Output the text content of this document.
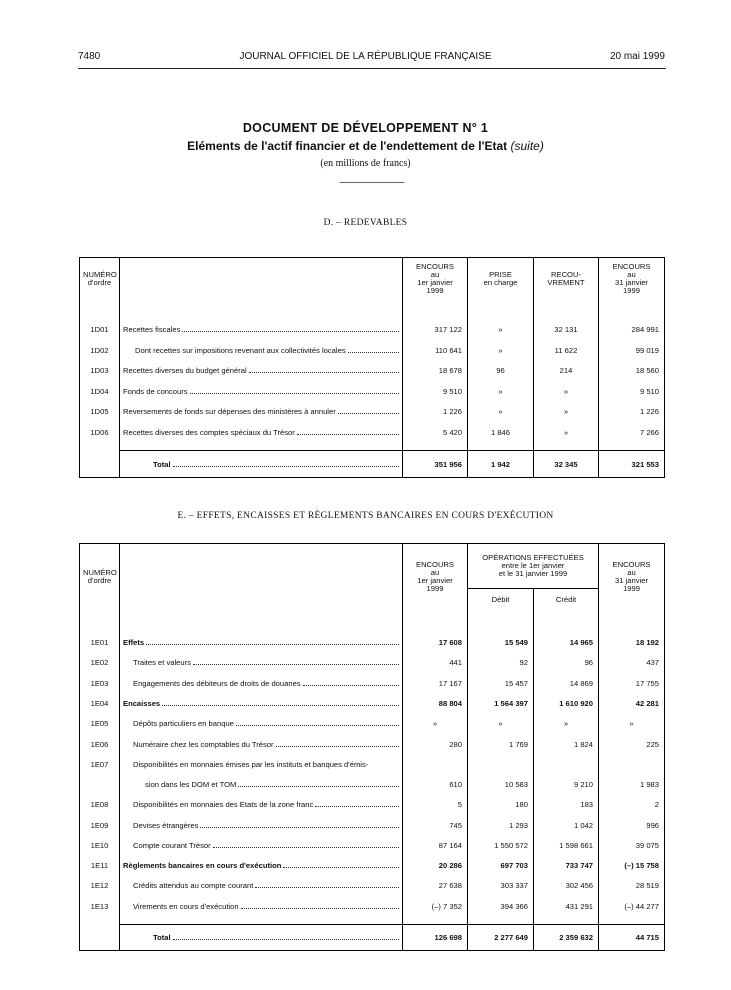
7480	JOURNAL OFFICIEL DE LA RÉPUBLIQUE FRANÇAISE	20 mai 1999
DOCUMENT DE DÉVELOPPEMENT N° 1
Eléments de l'actif financier et de l'endettement de l'Etat (suite)
(en millions de francs)
D. – REDEVABLES
NUMÉRO
d'ordre		ENCOURS
au
1er janvier
1999	PRISE
en charge	RECOU-
VREMENT	ENCOURS
au
31 janvier
1999

1D01	Recettes fiscales	317 122	»	32 131	284 991
1D02	Dont recettes sur impositions revenant aux collectivités locales	110 641	»	11 622	99 019
1D03	Recettes diverses du budget général	18 678	96	214	18 560
1D04	Fonds de concours	9 510	»	»	9 510
1D05	Reversements de fonds sur dépenses des ministères à annuler	1 226	»	»	1 226
1D06	Recettes diverses des comptes spéciaux du Trésor	5 420	1 846	»	7 266

	Total	351 956	1 942	32 345	321 553
E. – EFFETS, ENCAISSES ET RÈGLEMENTS BANCAIRES EN COURS D'EXÉCUTION
NUMÉRO
d'ordre		ENCOURS
au
1er janvier
1999	OPÉRATIONS EFFECTUÉES
entre le 1er janvier
et le 31 janvier 1999		ENCOURS
au
31 janvier
1999
			Débit	Crédit	

1E01	Effets	17 608	15 549	14 965	18 192
1E02	Traites et valeurs	441	92	96	437
1E03	Engagements des débiteurs de droits de douanes	17 167	15 457	14 869	17 755
1E04	Encaisses	88 804	1 564 397	1 610 920	42 281
1E05	Dépôts particuliers en banque	»	»	»	»
1E06	Numéraire chez les comptables du Trésor	280	1 769	1 824	225
1E07	Disponibilités en monnaies émises par les instituts et banques d'émis-				

	sion dans les DOM et TOM	610	10 583	9 210	1 983
1E08	Disponibilités en monnaies des Etats de la zone franc	5	180	183	2
1E09	Devises étrangères	745	1 293	1 042	996
1E10	Compte courant Trésor	87 164	1 550 572	1 598 661	39 075
1E11	Règlements bancaires en cours d'exécution	20 286	697 703	733 747	(–) 15 758
1E12	Crédits attendus au compte courant	27 638	303 337	302 456	28 519
1E13	Virements en cours d'exécution	(–) 7 352	394 366	431 291	(–) 44 277

	Total	126 698	2 277 649	2 359 632	44 715
